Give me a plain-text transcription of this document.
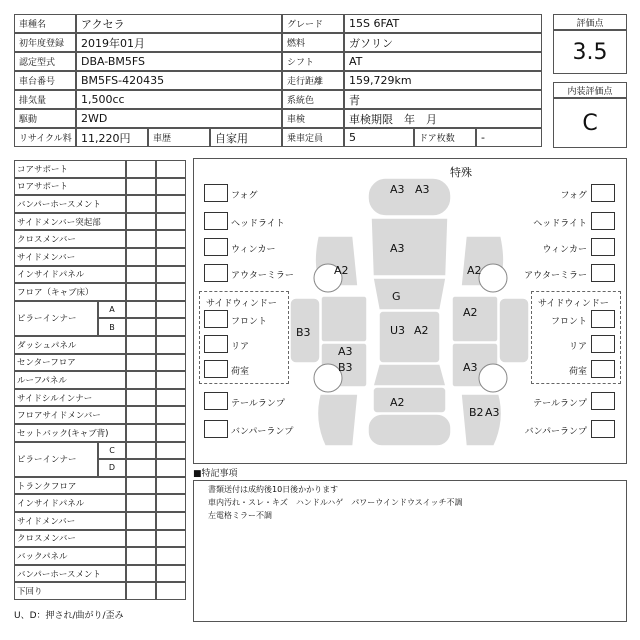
車種名	アクセラ	グレード	15S 6FAT
初年度登録	2019年01月	燃料	ガソリン
認定型式	DBA-BM5FS	シフト	AT
車台番号	BM5FS-420435	走行距離	159,729km
排気量	1,500cc	系統色	青
駆動	2WD	車検	車検期限　年　月
リサイクル料 11,220円	車歴	自家用	乗車定員	5	ドア枚数	-
評価点
3.5
内装評価点
C
コアサポート
ロアサポート
バンパーホースメント
サイドメンバー突起部
クロスメンバー
サイドメンバー
インサイドパネル
フロア（キャブ床）
ピラーインナー
A
B
ダッシュパネル
センターフロア
ルーフパネル
サイドシルインナー
フロアサイドメンバー
セットバック(キャブ背)
ピラーインナー
C
D
トランクフロア
インサイドパネル
サイドメンバー
クロスメンバー
バックパネル
バンパーホースメント
下回り
U、D：押され/曲がり/歪み
特殊
A3 A3
A3
A2	A2
G
B3	U3 A2
A2
A3
A3
B3
A2
B2 A3
フォグ
ヘッドライト
ウィンカー
アウターミラー
フォグ
ヘッドライト
ウィンカー
アウターミラー
サイドウィンドー	サイドウィンドー
フロント	フロント
リア	リア
荷室	荷室
テールランプ	テールランプ
バンパーランプ	バンパーランプ
■特記事項
書類送付は成約後10日後かかります
車内汚れ・スレ・キズ　ハンドルハゲ　パワーウインドウスイッチ不調
左電格ミラー不調
